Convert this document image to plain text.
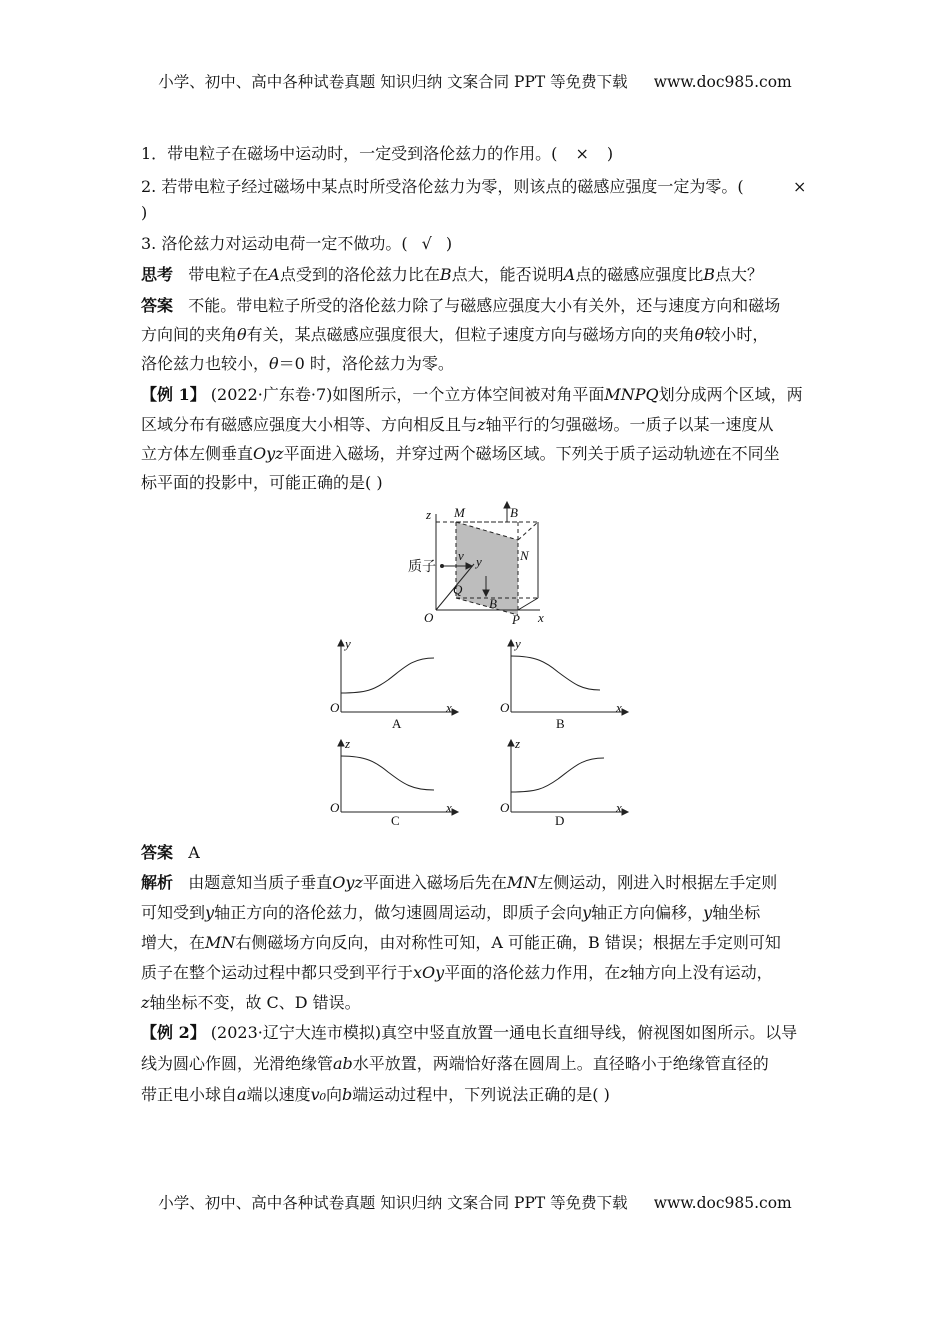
小学、初中、高中各种试卷真题 知识归纳 文案合同 PPT 等免费下载 www.doc985.com
1．带电粒子在磁场中运动时，一定受到洛伦兹力的作用。( × )
2. 若带电粒子经过磁场中某点时所受洛伦兹力为零，则该点的磁感应强度一定为零。(	×
)
3. 洛伦兹力对运动电荷一定不做功。( √ )
思考 带电粒子在A点受到的洛伦兹力比在B点大，能否说明A点的磁感应强度比B点大？
答案 不能。带电粒子所受的洛伦兹力除了与磁感应强度大小有关外，还与速度方向和磁场
方向间的夹角θ有关，某点磁感应强度很大，但粒子速度方向与磁场方向的夹角θ较小时，
洛伦兹力也较小，θ＝0 时，洛伦兹力为零。
【例 1】 (2022·广东卷·7)如图所示，一个立方体空间被对角平面MNPQ划分成两个区域，两
区域分布有磁感应强度大小相等、方向相反且与z轴平行的匀强磁场。一质子以某一速度从
立方体左侧垂直Oyz平面进入磁场，并穿过两个磁场区域。下列关于质子运动轨迹在不同坐
标平面的投影中，可能正确的是( )
z M	B
N
质子
v y
Q
B
O	P x
y
O	x
A
y
O	x
B
z
O	x
C
z
O	x
D
答案 A
解析 由题意知当质子垂直Oyz平面进入磁场后先在MN左侧运动，刚进入时根据左手定则
可知受到y轴正方向的洛伦兹力，做匀速圆周运动，即质子会向y轴正方向偏移，y轴坐标
增大，在MN右侧磁场方向反向，由对称性可知，A 可能正确，B 错误；根据左手定则可知
质子在整个运动过程中都只受到平行于xOy平面的洛伦兹力作用，在z轴方向上没有运动，
z轴坐标不变，故 C、D 错误。
【例 2】 (2023·辽宁大连市模拟)真空中竖直放置一通电长直细导线，俯视图如图所示。以导
线为圆心作圆，光滑绝缘管ab水平放置，两端恰好落在圆周上。直径略小于绝缘管直径的
带正电小球自a端以速度v₀向b端运动过程中，下列说法正确的是( )
小学、初中、高中各种试卷真题 知识归纳 文案合同 PPT 等免费下载 www.doc985.com
